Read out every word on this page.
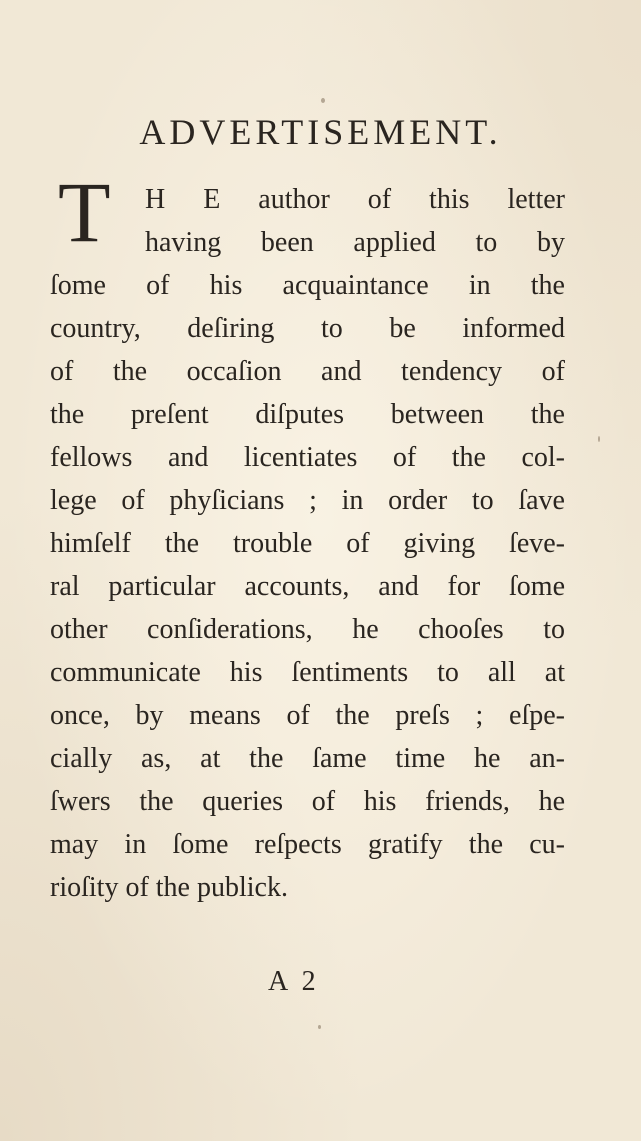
ADVERTISEMENT.
T H E author of this letter
having been applied to by
ſome of his acquaintance in the
country, deſiring to be informed
of the occaſion and tendency of
the preſent diſputes between the
fellows and licentiates of the col-
lege of phyſicians ; in order to ſave
himſelf the trouble of giving ſeve-
ral particular accounts, and for ſome
other conſiderations, he chooſes to
communicate his ſentiments to all at
once, by means of the preſs ; eſpe-
cially as, at the ſame time he an-
ſwers the queries of his friends, he
may in ſome reſpects gratify the cu-
rioſity of the publick.
A 2
